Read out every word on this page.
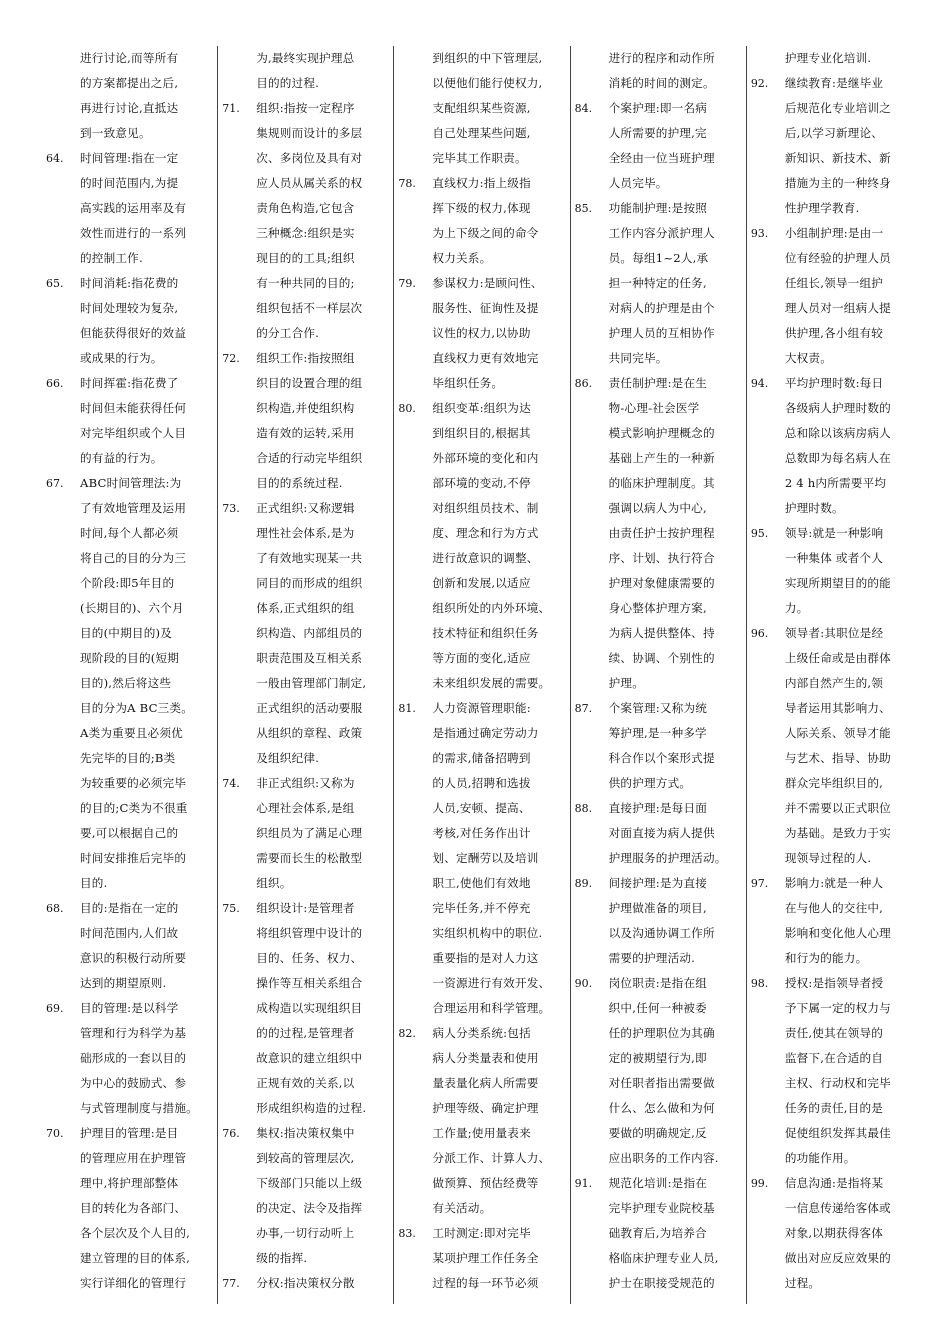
进行讨论,而等所有
的方案都提出之后,
再进行讨论,直抵达
到一致意见。
64.	时间管理:指在一定
的时间范围内,为提
高实践的运用率及有
效性而进行的一系列
的控制工作.
65.	时间消耗:指花费的
时间处理较为复杂,
但能获得很好的效益
或成果的行为。
66.	时间挥霍:指花费了
时间但未能获得任何
对完毕组织或个人目
的有益的行为。
67.	ABC时间管理法:为
了有效地管理及运用
时间,每个人都必须
将自己的目的分为三
个阶段:即5年目的
(长期目的)、六个月
目的(中期目的)及
现阶段的目的(短期
目的),然后将这些
目的分为A BC三类。
A类为重要且必须优
先完毕的目的;B类
为较重要的必须完毕
的目的;C类为不很重
要,可以根据自己的
时间安排推后完毕的
目的.
68.	目的:是指在一定的
时间范围内,人们故
意识的积极行动所要
达到的期望原则.
69.	目的管理:是以科学
管理和行为科学为基
础形成的一套以目的
为中心的鼓励式、参
与式管理制度与措施。
70.	护理目的管理:是目
的管理应用在护理管
理中,将护理部整体
目的转化为各部门、
各个层次及个人目的,
建立管理的目的体系,
实行详细化的管理行
为,最终实现护理总
目的的过程.
71.	组织:指按一定程序
集规则而设计的多层
次、多岗位及具有对
应人员从属关系的权
责角色构造,它包含
三种概念:组织是实
现目的的工具;组织
有一种共同的目的;
组织包括不一样层次
的分工合作.
72.	组织工作:指按照组
织目的设置合理的组
织构造,并使组织构
造有效的运转,采用
合适的行动完毕组织
目的的系统过程.
73.	正式组织:又称逻辑
理性社会体系,是为
了有效地实现某一共
同目的而形成的组织
体系,正式组织的组
织构造、内部组员的
职责范围及互相关系
一般由管理部门制定,
正式组织的活动要服
从组织的章程、政策
及组织纪律.
74.	非正式组织:又称为
心理社会体系,是组
织组员为了满足心理
需要而长生的松散型
组织。
75.	组织设计:是管理者
将组织管理中设计的
目的、任务、权力、
操作等互相关系组合
成构造以实现组织目
的的过程,是管理者
故意识的建立组织中
正规有效的关系,以
形成组织构造的过程.
76.	集权:指决策权集中
到较高的管理层次,
下级部门只能以上级
的决定、法令及指挥
办事,一切行动听上
级的指挥.
77.	分权:指决策权分散
到组织的中下管理层,
以便他们能行使权力,
支配组织某些资源,
自己处理某些问题,
完毕其工作职责。
78.	直线权力:指上级指
挥下级的权力,体现
为上下级之间的命令
权力关系。
79.	参谋权力:是顾问性、
服务性、征询性及提
议性的权力,以协助
直线权力更有效地完
毕组织任务。
80.	组织变革:组织为达
到组织目的,根据其
外部环境的变化和内
部环境的变动,不停
对组织组员技术、制
度、理念和行为方式
进行故意识的调整、
创新和发展,以适应
组织所处的内外环境、
技术特征和组织任务
等方面的变化,适应
未来组织发展的需要。
81.	人力资源管理职能:
是指通过确定劳动力
的需求,储备招聘到
的人员,招聘和选拔
人员,安顿、提高、
考核,对任务作出计
划、定酬劳以及培训
职工,使他们有效地
完毕任务,并不停充
实组织机构中的职位.
重要指的是对人力这
一资源进行有效开发、
合理运用和科学管理。
82.	病人分类系统:包括
病人分类量表和使用
量表量化病人所需要
护理等级、确定护理
工作量;使用量表来
分派工作、计算人力、
做预算、预估经费等
有关活动。
83.	工时测定:即对完毕
某项护理工作任务全
过程的每一环节必须
进行的程序和动作所
消耗的时间的测定。
84.	个案护理:即一名病
人所需要的护理,完
全经由一位当班护理
人员完毕。
85.	功能制护理:是按照
工作内容分派护理人
员。每组1~2人,承
担一种特定的任务,
对病人的护理是由个
护理人员的互相协作
共同完毕。
86.	责任制护理:是在生
物-心理-社会医学
模式影响护理概念的
基础上产生的一种新
的临床护理制度。其
强调以病人为中心,
由责任护士按护理程
序、计划、执行符合
护理对象健康需要的
身心整体护理方案,
为病人提供整体、持
续、协调、个别性的
护理。
87.	个案管理:又称为统
筹护理,是一种多学
科合作以个案形式提
供的护理方式。
88.	直接护理:是每日面
对面直接为病人提供
护理服务的护理活动。
89.	间接护理:是为直接
护理做准备的项目,
以及沟通协调工作所
需要的护理活动.
90.	岗位职责:是指在组
织中,任何一种被委
任的护理职位为其确
定的被期望行为,即
对任职者指出需要做
什么、怎么做和为何
要做的明确规定,反
应出职务的工作内容.
91.	规范化培训:是指在
完毕护理专业院校基
础教育后,为培养合
格临床护理专业人员,
护士在职接受规范的
护理专业化培训.
92.	继续教育:是继毕业
后规范化专业培训之
后,以学习新理论、
新知识、新技术、新
措施为主的一种终身
性护理学教育.
93.	小组制护理:是由一
位有经验的护理人员
任组长,领导一组护
理人员对一组病人提
供护理,各小组有较
大权责。
94.	平均护理时数:每日
各级病人护理时数的
总和除以该病房病人
总数即为每名病人在
2 4 h内所需要平均
护理时数。
95.	领导:就是一种影响
一种集体 或者个人
实现所期望目的的能
力。
96.	领导者:其职位是经
上级任命或是由群体
内部自然产生的,领
导者运用其影响力、
人际关系、领导才能
与艺术、指导、协助
群众完毕组织目的,
并不需要以正式职位
为基础。是致力于实
现领导过程的人.
97.	影响力:就是一种人
在与他人的交往中,
影响和变化他人心理
和行为的能力。
98.	授权:是指领导者授
予下属一定的权力与
责任,使其在领导的
监督下,在合适的自
主权、行动权和完毕
任务的责任,目的是
促使组织发挥其最佳
的功能作用。
99.	信息沟通:是指将某
一信息传递给客体或
对象,以期获得客体
做出对应反应效果的
过程。
